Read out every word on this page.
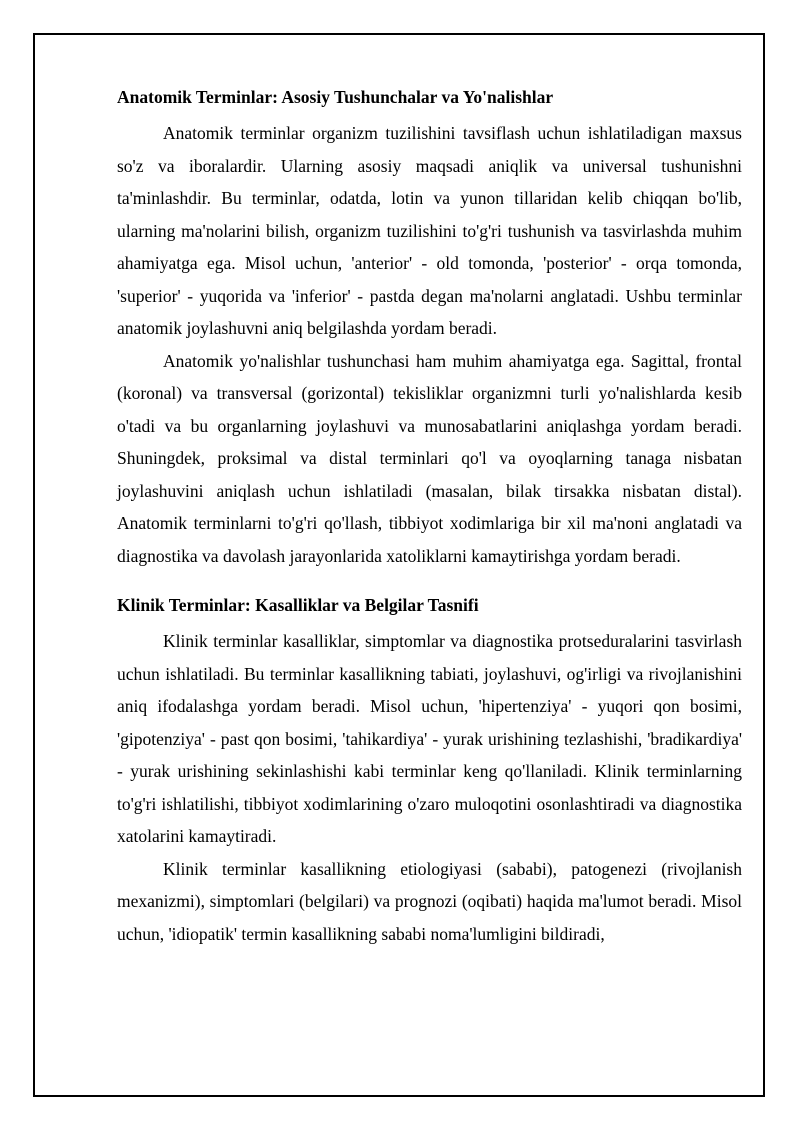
Anatomik Terminlar: Asosiy Tushunchalar va Yo'nalishlar

Anatomik terminlar organizm tuzilishini tavsiflash uchun ishlatiladigan maxsus so'z va iboralardir. Ularning asosiy maqsadi aniqlik va universal tushunishni ta'minlashdir. Bu terminlar, odatda, lotin va yunon tillaridan kelib chiqqan bo'lib, ularning ma'nolarini bilish, organizm tuzilishini to'g'ri tushunish va tasvirlashda muhim ahamiyatga ega. Misol uchun, 'anterior' - old tomonda, 'posterior' - orqa tomonda, 'superior' - yuqorida va 'inferior' - pastda degan ma'nolarni anglatadi. Ushbu terminlar anatomik joylashuvni aniq belgilashda yordam beradi.

Anatomik yo'nalishlar tushunchasi ham muhim ahamiyatga ega. Sagittal, frontal (koronal) va transversal (gorizontal) tekisliklar organizmni turli yo'nalishlarda kesib o'tadi va bu organlarning joylashuvi va munosabatlarini aniqlashga yordam beradi. Shuningdek, proksimal va distal terminlari qo'l va oyoqlarning tanaga nisbatan joylashuvini aniqlash uchun ishlatiladi (masalan, bilak tirsakka nisbatan distal). Anatomik terminlarni to'g'ri qo'llash, tibbiyot xodimlariga bir xil ma'noni anglatadi va diagnostika va davolash jarayonlarida xatoliklarni kamaytirishga yordam beradi.

Klinik Terminlar: Kasalliklar va Belgilar Tasnifi

Klinik terminlar kasalliklar, simptomlar va diagnostika protseduralarini tasvirlash uchun ishlatiladi. Bu terminlar kasallikning tabiati, joylashuvi, og'irligi va rivojlanishini aniq ifodalashga yordam beradi. Misol uchun, 'hipertenziya' - yuqori qon bosimi, 'gipotenziya' - past qon bosimi, 'tahikardiya' - yurak urishining tezlashishi, 'bradikardiya' - yurak urishining sekinlashishi kabi terminlar keng qo'llaniladi. Klinik terminlarning to'g'ri ishlatilishi, tibbiyot xodimlarining o'zaro muloqotini osonlashtiradi va diagnostika xatolarini kamaytiradi.

Klinik terminlar kasallikning etiologiyasi (sababi), patogenezi (rivojlanish mexanizmi), simptomlari (belgilari) va prognozi (oqibati) haqida ma'lumot beradi. Misol uchun, 'idiopatik' termin kasallikning sababi noma'lumligini bildiradi,
